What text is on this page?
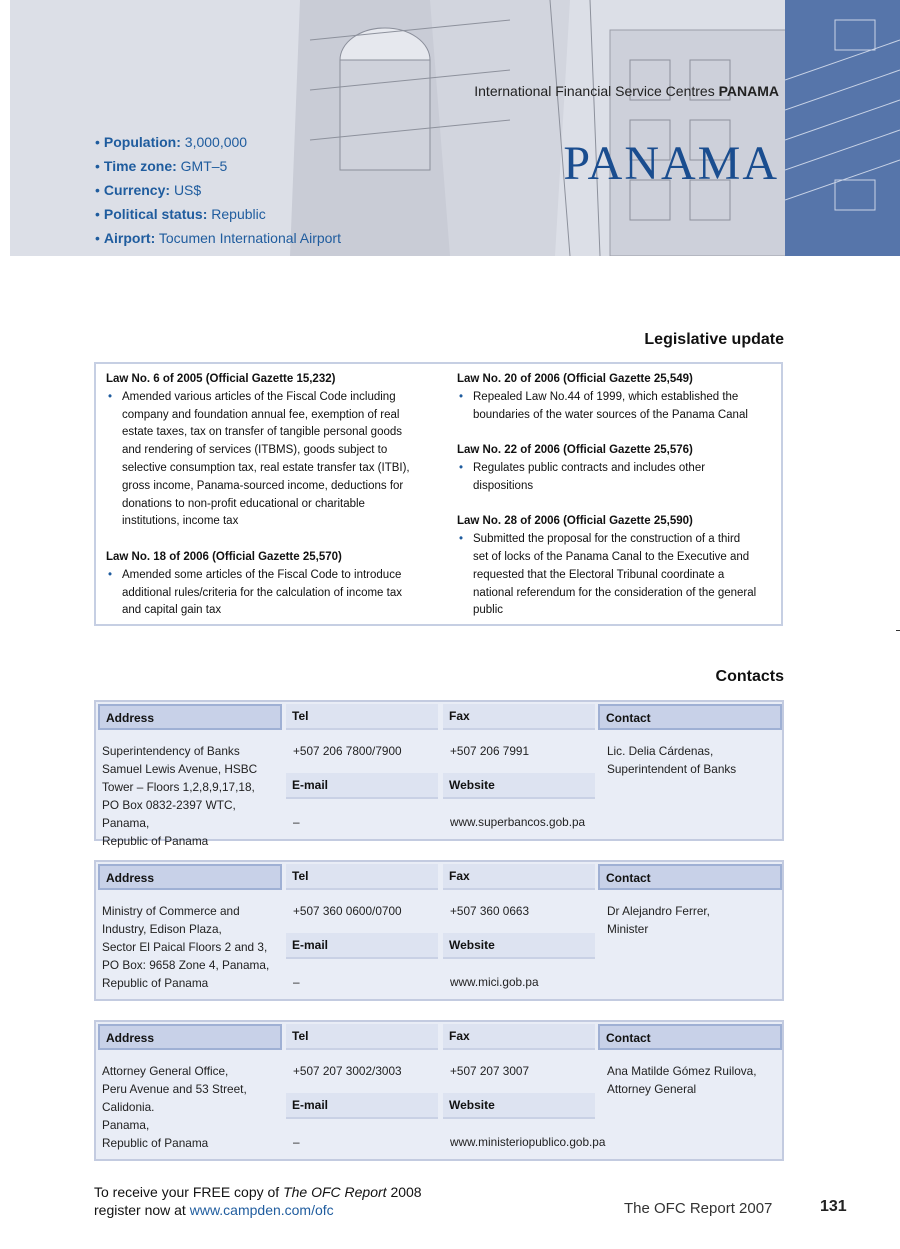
International Financial Service Centres PANAMA
PANAMA
• Population: 3,000,000
• Time zone: GMT–5
• Currency: US$
• Political status: Republic
• Airport: Tocumen International Airport
Legislative update
Law No. 6 of 2005 (Official Gazette 15,232)
• Amended various articles of the Fiscal Code including
company and foundation annual fee, exemption of real
estate taxes, tax on transfer of tangible personal goods
and rendering of services (ITBMS), goods subject to
selective consumption tax, real estate transfer tax (ITBI),
gross income, Panama-sourced income, deductions for
donations to non-profit educational or charitable
institutions, income tax
Law No. 18 of 2006 (Official Gazette 25,570)
• Amended some articles of the Fiscal Code to introduce
additional rules/criteria for the calculation of income tax
and capital gain tax
Law No. 20 of 2006 (Official Gazette 25,549)
• Repealed Law No.44 of 1999, which established the
boundaries of the water sources of the Panama Canal
Law No. 22 of 2006 (Official Gazette 25,576)
• Regulates public contracts and includes other
dispositions
Law No. 28 of 2006 (Official Gazette 25,590)
• Submitted the proposal for the construction of a third
set of locks of the Panama Canal to the Executive and
requested that the Electoral Tribunal coordinate a
national referendum for the consideration of the general
public
Contacts
Address	Tel	Fax	Contact
Superintendency of Banks
Samuel Lewis Avenue, HSBC
Tower – Floors 1,2,8,9,17,18,
PO Box 0832-2397 WTC, Panama,
Republic of Panama
+507 206 7800/7900	+507 206 7991	Lic. Delia Cárdenas,
Superintendent of Banks
E-mail	Website
–	www.superbancos.gob.pa
Address	Tel	Fax	Contact
Ministry of Commerce and
Industry, Edison Plaza,
Sector El Paical Floors 2 and 3,
PO Box: 9658 Zone 4, Panama,
Republic of Panama
+507 360 0600/0700	+507 360 0663	Dr Alejandro Ferrer,
Minister
E-mail	Website
–	www.mici.gob.pa
Address	Tel	Fax	Contact
Attorney General Office,
Peru Avenue and 53 Street,
Calidonia.
Panama,
Republic of Panama
+507 207 3002/3003	+507 207 3007	Ana Matilde Gómez Ruilova,
Attorney General
E-mail	Website
–	www.ministeriopublico.gob.pa
To receive your FREE copy of The OFC Report 2008
register now at www.campden.com/ofc	The OFC Report 2007	131
